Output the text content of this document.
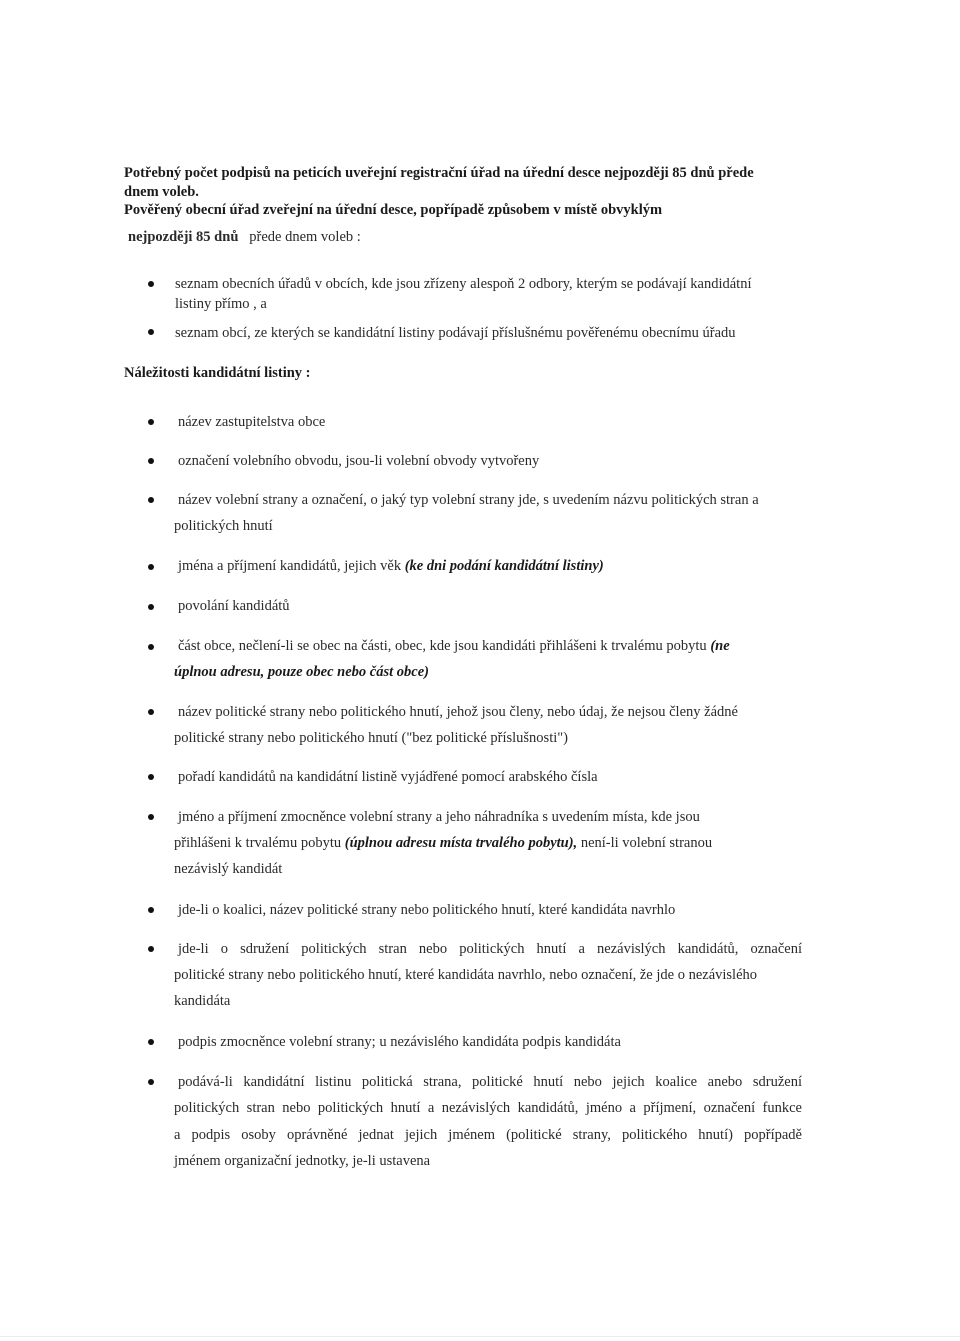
Potřebný počet podpisů na peticích uveřejní registrační úřad na úřední desce nejpozději 85 dnů přede
dnem voleb.
Pověřený obecní úřad zveřejní na úřední desce, popřípadě způsobem v místě obvyklým
nejpozději 85 dnů přede dnem voleb :
seznam obecních úřadů v obcích, kde jsou zřízeny alespoň 2 odbory, kterým se podávají kandidátní
listiny přímo , a
seznam obcí, ze kterých se kandidátní listiny podávají příslušnému pověřenému obecnímu úřadu
Náležitosti kandidátní listiny :
název zastupitelstva obce
označení volebního obvodu, jsou-li volební obvody vytvořeny
název volební strany a označení, o jaký typ volební strany jde, s uvedením názvu politických stran a
politických hnutí
jména a příjmení kandidátů, jejich věk (ke dni podání kandidátní listiny)
povolání kandidátů
část obce, nečlení-li se obec na části, obec, kde jsou kandidáti přihlášeni k trvalému pobytu (ne
úplnou adresu, pouze obec nebo část obce)
název politické strany nebo politického hnutí, jehož jsou členy, nebo údaj, že nejsou členy žádné
politické strany nebo politického hnutí ("bez politické příslušnosti")
pořadí kandidátů na kandidátní listině vyjádřené pomocí arabského čísla
jméno a příjmení zmocněnce volební strany a jeho náhradníka s uvedením místa, kde jsou
přihlášeni k trvalému pobytu (úplnou adresu místa trvalého pobytu), není-li volební stranou
nezávislý kandidát
jde-li o koalici, název politické strany nebo politického hnutí, které kandidáta navrhlo
jde-li o sdružení politických stran nebo politických hnutí a nezávislých kandidátů, označení
politické strany nebo politického hnutí, které kandidáta navrhlo, nebo označení, že jde o nezávislého
kandidáta
podpis zmocněnce volební strany; u nezávislého kandidáta podpis kandidáta
podává-li kandidátní listinu politická strana, politické hnutí nebo jejich koalice anebo sdružení
politických stran nebo politických hnutí a nezávislých kandidátů, jméno a příjmení, označení funkce
a podpis osoby oprávněné jednat jejich jménem (politické strany, politického hnutí) popřípadě
jménem organizační jednotky, je-li ustavena
